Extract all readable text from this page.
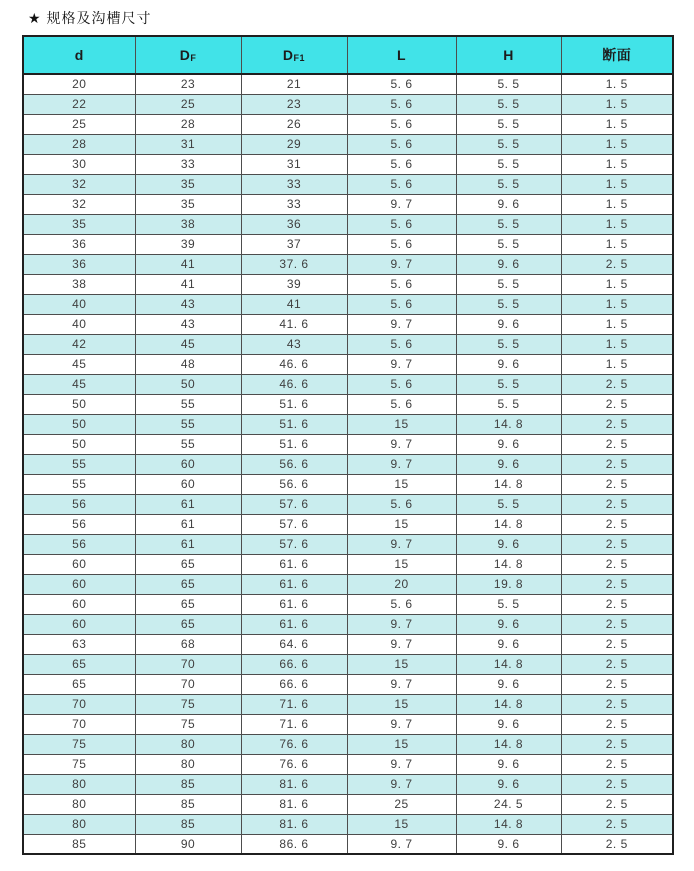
★ 规格及沟槽尺寸
d	$D_F$	$D_{F1}$	L	H	断面
20	23	21	5. 6	5. 5	1. 5
22	25	23	5. 6	5. 5	1. 5
25	28	26	5. 6	5. 5	1. 5
28	31	29	5. 6	5. 5	1. 5
30	33	31	5. 6	5. 5	1. 5
32	35	33	5. 6	5. 5	1. 5
32	35	33	9. 7	9. 6	1. 5
35	38	36	5. 6	5. 5	1. 5
36	39	37	5. 6	5. 5	1. 5
36	41	37. 6	9. 7	9. 6	2. 5
38	41	39	5. 6	5. 5	1. 5
40	43	41	5. 6	5. 5	1. 5
40	43	41. 6	9. 7	9. 6	1. 5
42	45	43	5. 6	5. 5	1. 5
45	48	46. 6	9. 7	9. 6	1. 5
45	50	46. 6	5. 6	5. 5	2. 5
50	55	51. 6	5. 6	5. 5	2. 5
50	55	51. 6	15	14. 8	2. 5
50	55	51. 6	9. 7	9. 6	2. 5
55	60	56. 6	9. 7	9. 6	2. 5
55	60	56. 6	15	14. 8	2. 5
56	61	57. 6	5. 6	5. 5	2. 5
56	61	57. 6	15	14. 8	2. 5
56	61	57. 6	9. 7	9. 6	2. 5
60	65	61. 6	15	14. 8	2. 5
60	65	61. 6	20	19. 8	2. 5
60	65	61. 6	5. 6	5. 5	2. 5
60	65	61. 6	9. 7	9. 6	2. 5
63	68	64. 6	9. 7	9. 6	2. 5
65	70	66. 6	15	14. 8	2. 5
65	70	66. 6	9. 7	9. 6	2. 5
70	75	71. 6	15	14. 8	2. 5
70	75	71. 6	9. 7	9. 6	2. 5
75	80	76. 6	15	14. 8	2. 5
75	80	76. 6	9. 7	9. 6	2. 5
80	85	81. 6	9. 7	9. 6	2. 5
80	85	81. 6	25	24. 5	2. 5
80	85	81. 6	15	14. 8	2. 5
85	90	86. 6	9. 7	9. 6	2. 5
